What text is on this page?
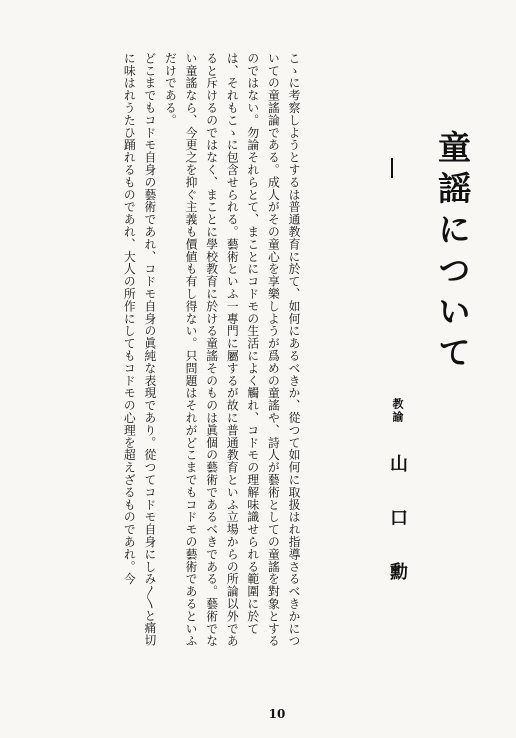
童謡について
教諭山口勳

こゝに考察しようとするは普通教育に於て、如何にあるべきか、從つて如何に取扱はれ指導さるべきかについての童謠論である。成人がその童心を享樂しようが爲めの童謠や、詩人が藝術としての童謠を對象とするのではない。勿論それらとて、まことにコドモの生活によく觸れ、コドモの理解味識せられる範圍に於ては、それもこゝに包含せられる。藝術といふ一專門に屬するが故に普通教育といふ立場からの所論以外であると斥けるのではなく、まことに學校教育に於ける童謠そのものは眞個の藝術であるべきである。藝術でない童謠なら、今更之を抑ぐ主義も價値も有し得ない。只問題はそれがどこまでもコドモの藝術であるといふだけである。

どこまでもコドモ自身の藝術であれ、コドモ自身の眞純な表現であり。從つてコドモ自身にしみ〳〵と痛切に味はれうたひ踊れるものであれ、大人の所作にしてもコドモの心理を超えざるものであれ。今

10
